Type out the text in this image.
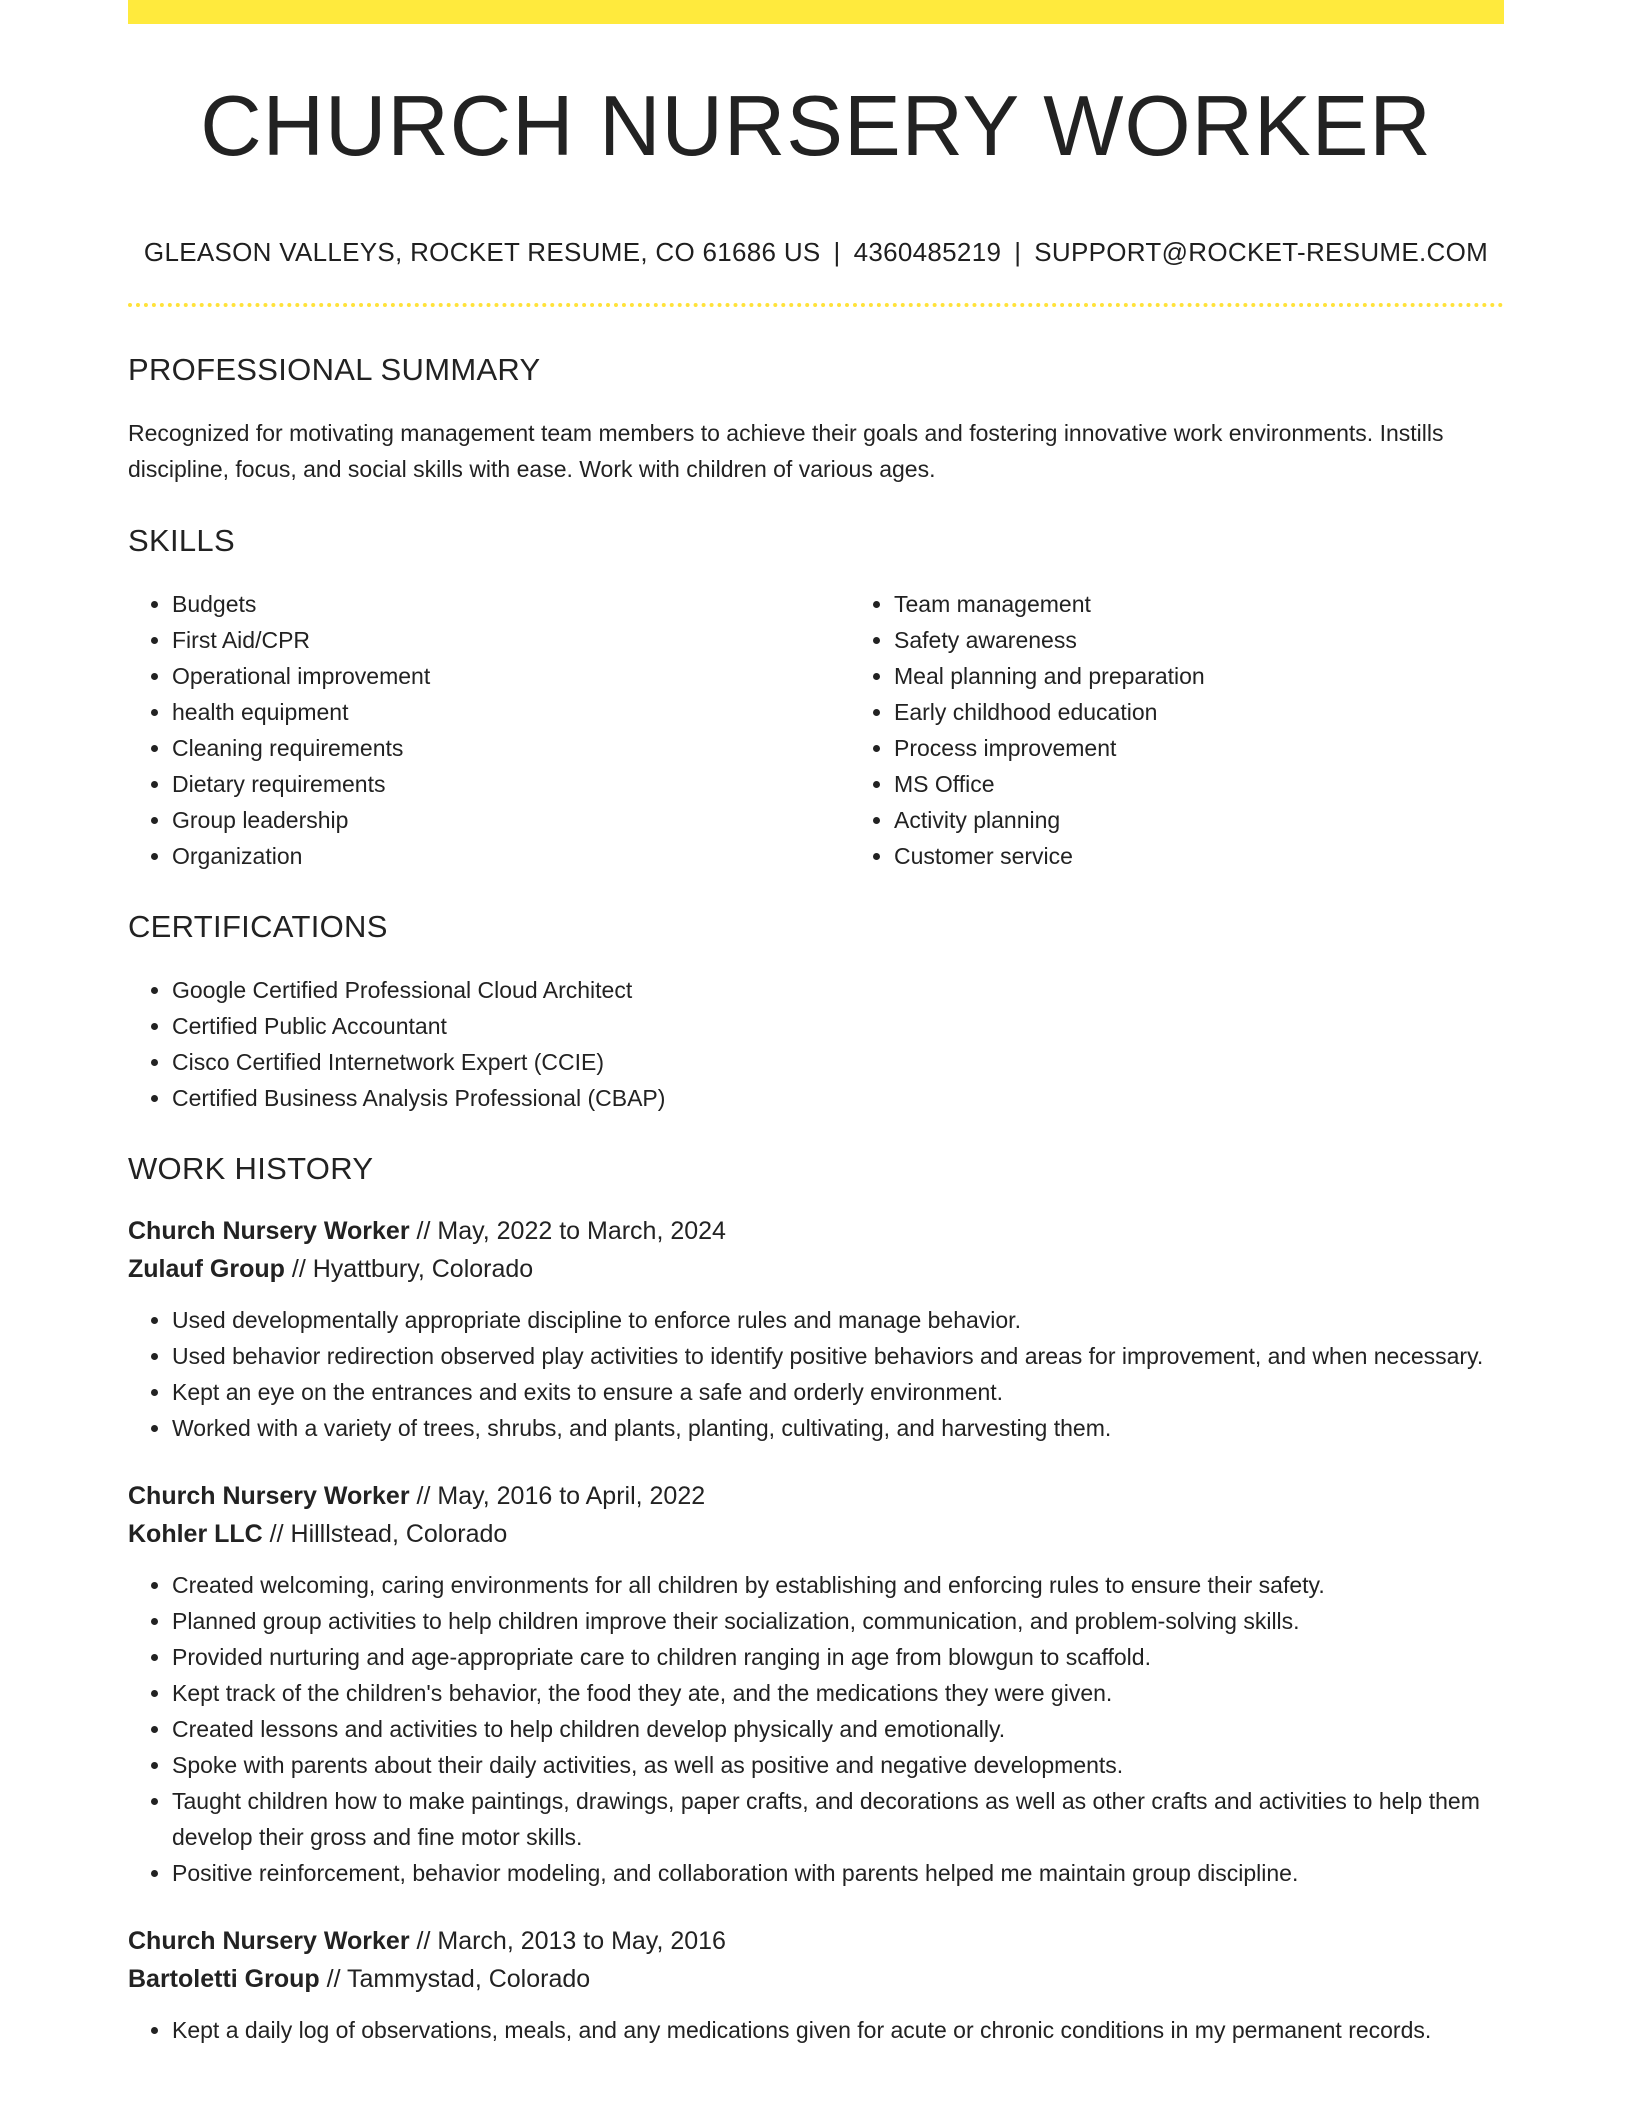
CHURCH NURSERY WORKER
GLEASON VALLEYS, ROCKET RESUME, CO 61686 US | 4360485219 | SUPPORT@ROCKET-RESUME.COM
PROFESSIONAL SUMMARY
Recognized for motivating management team members to achieve their goals and fostering innovative work environments. Instills discipline, focus, and social skills with ease. Work with children of various ages.
SKILLS
• Budgets
• First Aid/CPR
• Operational improvement
• health equipment
• Cleaning requirements
• Dietary requirements
• Group leadership
• Organization
• Team management
• Safety awareness
• Meal planning and preparation
• Early childhood education
• Process improvement
• MS Office
• Activity planning
• Customer service
CERTIFICATIONS
• Google Certified Professional Cloud Architect
• Certified Public Accountant
• Cisco Certified Internetwork Expert (CCIE)
• Certified Business Analysis Professional (CBAP)
WORK HISTORY
Church Nursery Worker // May, 2022 to March, 2024
Zulauf Group // Hyattbury, Colorado
• Used developmentally appropriate discipline to enforce rules and manage behavior.
• Used behavior redirection observed play activities to identify positive behaviors and areas for improvement, and when necessary.
• Kept an eye on the entrances and exits to ensure a safe and orderly environment.
• Worked with a variety of trees, shrubs, and plants, planting, cultivating, and harvesting them.
Church Nursery Worker // May, 2016 to April, 2022
Kohler LLC // Hilllstead, Colorado
• Created welcoming, caring environments for all children by establishing and enforcing rules to ensure their safety.
• Planned group activities to help children improve their socialization, communication, and problem-solving skills.
• Provided nurturing and age-appropriate care to children ranging in age from blowgun to scaffold.
• Kept track of the children's behavior, the food they ate, and the medications they were given.
• Created lessons and activities to help children develop physically and emotionally.
• Spoke with parents about their daily activities, as well as positive and negative developments.
• Taught children how to make paintings, drawings, paper crafts, and decorations as well as other crafts and activities to help them develop their gross and fine motor skills.
• Positive reinforcement, behavior modeling, and collaboration with parents helped me maintain group discipline.
Church Nursery Worker // March, 2013 to May, 2016
Bartoletti Group // Tammystad, Colorado
• Kept a daily log of observations, meals, and any medications given for acute or chronic conditions in my permanent records.
